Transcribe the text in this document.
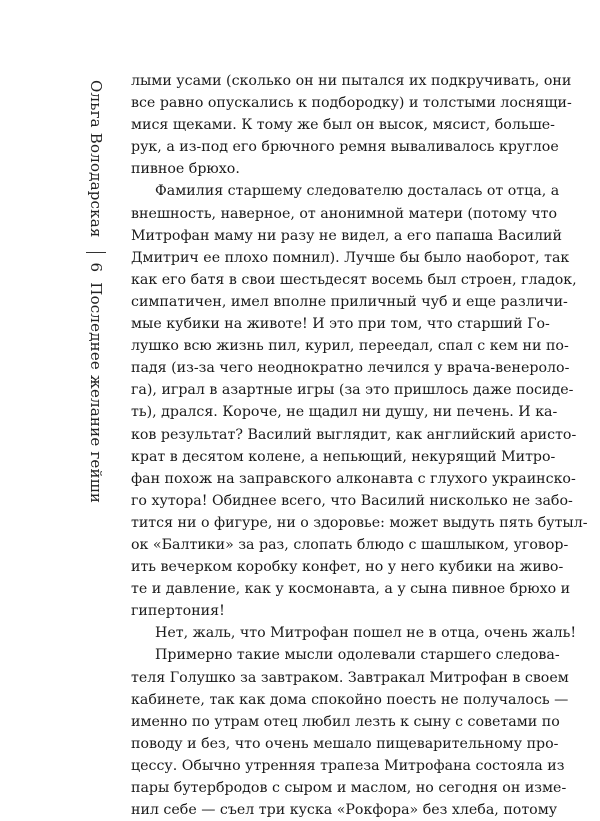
Ольга Володарская
6
Последнее желание гейши
лыми усами (сколько он ни пытался их подкручивать, они
все равно опускались к подбородку) и толстыми лоснящи-
мися щеками. К тому же был он высок, мясист, больше-
рук, а из-под его брючного ремня вываливалось круглое
пивное брюхо.
Фамилия старшему следователю досталась от отца, а
внешность, наверное, от анонимной матери (потому что
Митрофан маму ни разу не видел, а его папаша Василий
Дмитрич ее плохо помнил). Лучше бы было наоборот, так
как его батя в свои шестьдесят восемь был строен, гладок,
симпатичен, имел вполне приличный чуб и еще различи-
мые кубики на животе! И это при том, что старший Го-
лушко всю жизнь пил, курил, переедал, спал с кем ни по-
падя (из-за чего неоднократно лечился у врача-венероло-
га), играл в азартные игры (за это пришлось даже посиде-
ть), дрался. Короче, не щадил ни душу, ни печень. И ка-
ков результат? Василий выглядит, как английский аристо-
крат в десятом колене, а непьющий, некурящий Митро-
фан похож на заправского алконавта с глухого украинско-
го хутора! Обиднее всего, что Василий нисколько не забо-
тится ни о фигуре, ни о здоровье: может выдуть пять бутыл-
ок «Балтики» за раз, слопать блюдо с шашлыком, уговор-
ить вечерком коробку конфет, но у него кубики на живо-
те и давление, как у космонавта, а у сына пивное брюхо и
гипертония!
Нет, жаль, что Митрофан пошел не в отца, очень жаль!
Примерно такие мысли одолевали старшего следова-
теля Голушко за завтраком. Завтракал Митрофан в своем
кабинете, так как дома спокойно поесть не получалось —
именно по утрам отец любил лезть к сыну с советами по
поводу и без, что очень мешало пищеварительному про-
цессу. Обычно утренняя трапеза Митрофана состояла из
пары бутербродов с сыром и маслом, но сегодня он изме-
нил себе — съел три куска «Рокфора» без хлеба, потому
